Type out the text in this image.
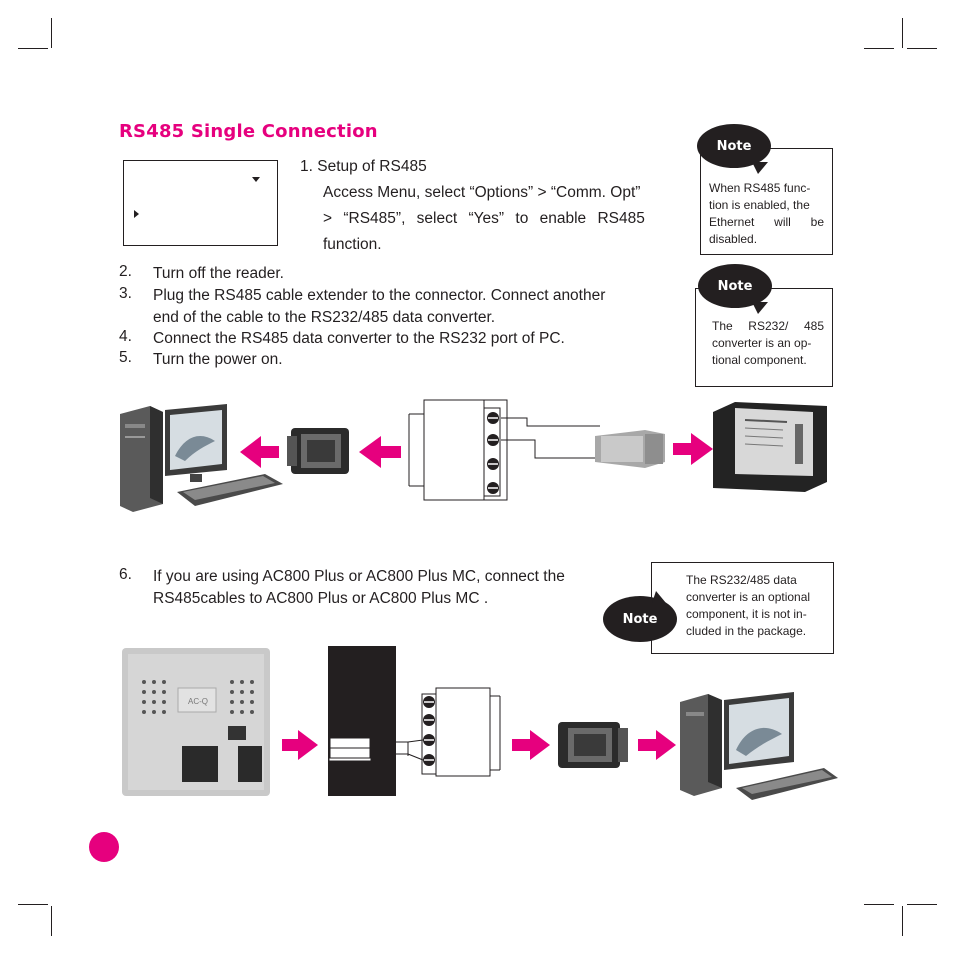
RS485 Single Connection
1. Setup of RS485
Access Menu, select “Options” > “Comm. Opt”
> “RS485”, select “Yes” to enable RS485
function.
2. Turn off the reader.
3. Plug the RS485 cable extender to the connector. Connect another
end of the cable to the RS232/485 data converter.
4. Connect the RS485 data converter to the RS232 port of PC.
5. Turn the power on.
When RS485 func-
tion is enabled, the
Ethernet will be
disabled.
Note
The RS232/ 485
converter is an op-
tional component.
Note
6. If you are using AC800 Plus or AC800 Plus MC, connect the
RS485cables to AC800 Plus or AC800 Plus MC .
The RS232/485 data
converter is an optional
component, it is not in-
cluded in the package.
Note
AC-Q
